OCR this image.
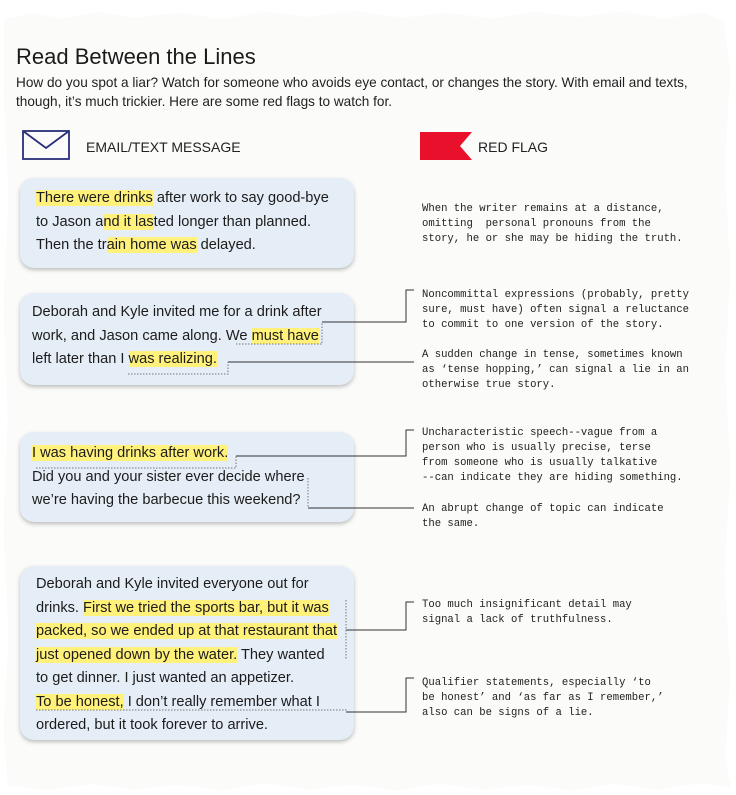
Read Between the Lines

How do you spot a liar? Watch for someone who avoids eye contact, or changes the story. With email and texts, though, it’s much trickier. Here are some red flags to watch for.

EMAIL/TEXT MESSAGE	RED FLAG

There were drinks after work to say good-bye

to Jason and it lasted longer than planned.

Then the train home was delayed.

Deborah and Kyle invited me for a drink after

work, and Jason came along. We must have

left later than I was realizing.

I was having drinks after work.

Did you and your sister ever decide where

we’re having the barbecue this weekend?

Deborah and Kyle invited everyone out for

drinks. First we tried the sports bar, but it was

packed, so we ended up at that restaurant that

just opened down by the water. They wanted

to get dinner. I just wanted an appetizer.

To be honest, I don’t really remember what I

ordered, but it took forever to arrive.

When the writer remains at a distance,
omitting  personal pronouns from the
story, he or she may be hiding the truth.
Noncommittal expressions (probably, pretty
sure, must have) often signal a reluctance
to commit to one version of the story.
A sudden change in tense, sometimes known
as ‘tense hopping,’ can signal a lie in an
otherwise true story.
Uncharacteristic speech--vague from a
person who is usually precise, terse
from someone who is usually talkative
--can indicate they are hiding something.
An abrupt change of topic can indicate
the same.
Too much insignificant detail may
signal a lack of truthfulness.
Qualifier statements, especially ‘to
be honest’ and ‘as far as I remember,’
also can be signs of a lie.
